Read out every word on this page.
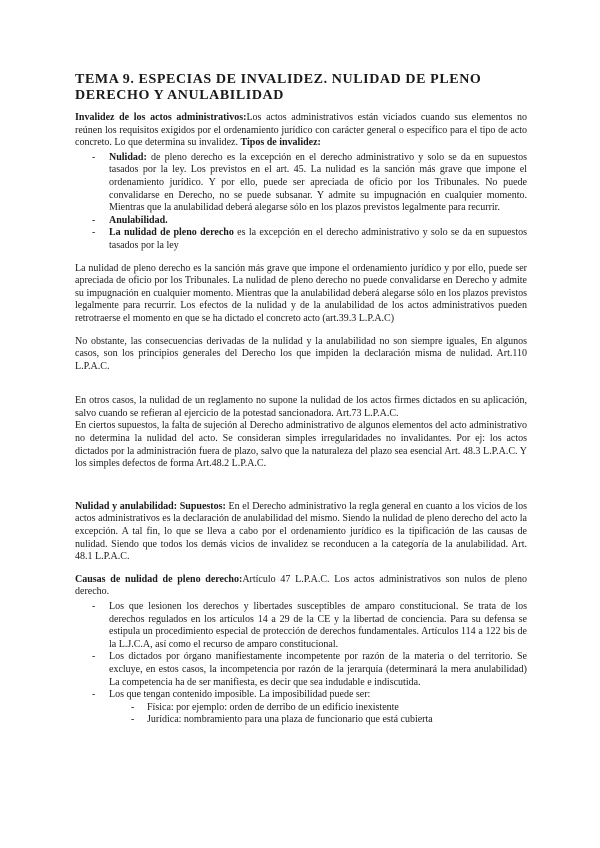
TEMA 9. ESPECIAS DE INVALIDEZ. NULIDAD DE PLENO DERECHO Y ANULABILIDAD

Invalidez de los actos administrativos:Los actos administrativos están viciados cuando sus elementos no reúnen los requisitos exigidos por el ordenamiento jurídico con carácter general o específico para el tipo de acto concreto. Lo que determina su invalidez. Tipos de invalidez:

- Nulidad: de pleno derecho es la excepción en el derecho administrativo y solo se da en supuestos tasados por la ley. Los previstos en el art. 45. La nulidad es la sanción más grave que impone el ordenamiento jurídico. Y por ello, puede ser apreciada de oficio por los Tribunales. No puede convalidarse en Derecho, no se puede subsanar. Y admite su impugnación en cualquier momento. Mientras que la anulabilidad deberá alegarse sólo en los plazos previstos legalmente para recurrir.
- Anulabilidad.
- La nulidad de pleno derecho es la excepción en el derecho administrativo y solo se da en supuestos tasados por la ley

La nulidad de pleno derecho es la sanción más grave que impone el ordenamiento jurídico y por ello, puede ser apreciada de oficio por los Tribunales. La nulidad de pleno derecho no puede convalidarse en Derecho y admite su impugnación en cualquier momento. Mientras que la anulabilidad deberá alegarse sólo en los plazos previstos legalmente para recurrir. Los efectos de la nulidad y de la anulabilidad de los actos administrativos pueden retrotraerse el momento en que se ha dictado el concreto acto (art.39.3 L.P.A.C)

No obstante, las consecuencias derivadas de la nulidad y la anulabilidad no son siempre iguales, En algunos casos, son los principios generales del Derecho los que impiden la declaración misma de nulidad. Art.110 L.P.A.C.

En otros casos, la nulidad de un reglamento no supone la nulidad de los actos firmes dictados en su aplicación, salvo cuando se refieran al ejercicio de la potestad sancionadora. Art.73 L.P.A.C.

En ciertos supuestos, la falta de sujeción al Derecho administrativo de algunos elementos del acto administrativo no determina la nulidad del acto. Se consideran simples irregularidades no invalidantes. Por ej: los actos dictados por la administración fuera de plazo, salvo que la naturaleza del plazo sea esencial Art. 48.3 L.P.A.C. Y los simples defectos de forma Art.48.2 L.P.A.C.

Nulidad y anulabilidad: Supuestos: En el Derecho administrativo la regla general en cuanto a los vicios de los actos administrativos es la declaración de anulabilidad del mismo. Siendo la nulidad de pleno derecho del acto la excepción. A tal fin, lo que se lleva a cabo por el ordenamiento jurídico es la tipificación de las causas de nulidad. Siendo que todos los demás vicios de invalidez se reconducen a la categoría de la anulabilidad. Art. 48.1 L.P.A.C.

Causas de nulidad de pleno derecho:Artículo 47 L.P.A.C. Los actos administrativos son nulos de pleno derecho.

- Los que lesionen los derechos y libertades susceptibles de amparo constitucional. Se trata de los derechos regulados en los artículos 14 a 29 de la CE y la libertad de conciencia. Para su defensa se estipula un procedimiento especial de protección de derechos fundamentales. Artículos 114 a 122 bis de la L.J.C.A, así como el recurso de amparo constitucional.
- Los dictados por órgano manifiestamente incompetente por razón de la materia o del territorio. Se excluye, en estos casos, la incompetencia por razón de la jerarquía (determinará la mera anulabilidad) La competencia ha de ser manifiesta, es decir que sea indudable e indiscutida.
- Los que tengan contenido imposible. La imposibilidad puede ser:
- Física: por ejemplo: orden de derribo de un edificio inexistente
- Jurídica: nombramiento para una plaza de funcionario que está cubierta
